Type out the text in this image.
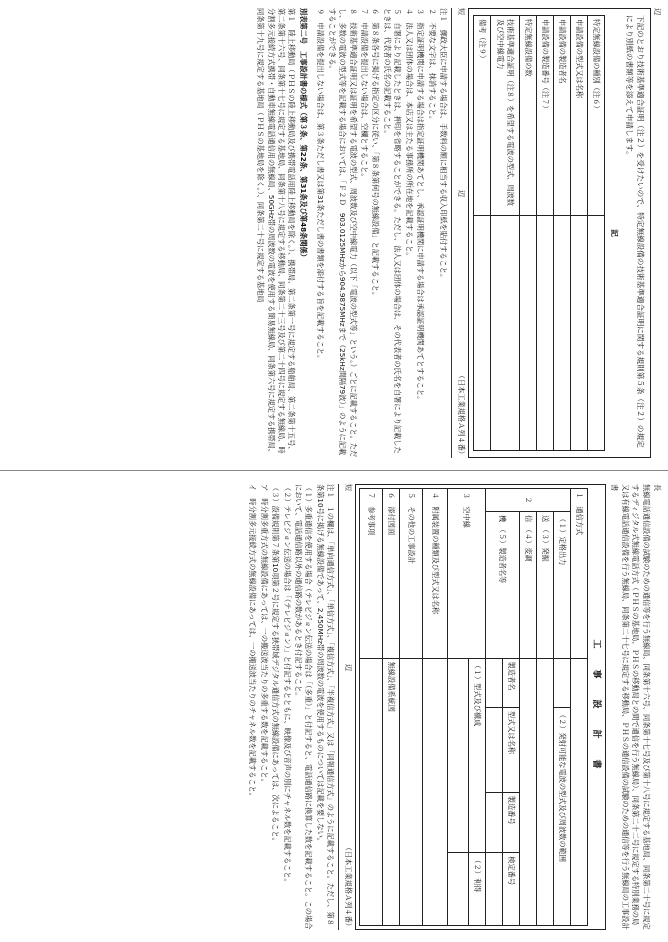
辺
下記のとおり技術基準適合証明（注２）を受けたいので、特定無線設備の技術基準適合証明に関する規則第５条（注２）の規定により別紙の書類等を添えて申請します。
記
特定無線設備の種別（注６）	
申請設備の型式又は名称	
申請設備の製造者名	
申請設備の製造番号（注７）	
特定無線設備の数	
技術基準適合証明（注８）を希望する電波の型式、周波数及び空中線電力	
備考（注９）	
短
辺
（日本工業規格Ａ列４番）
注１　郵政大臣に申請する場合は、手数料の額に相当する収入印紙を貼付すること。
２　不要な文字は、抹消すること。
３　指定証明機関に申請する場合は指定証明機関あてとし、承認証明機関に申請する場合は承認証明機関あてとすること。
４　法人又は団体の場合は、本店又は主たる事務所の所在地を記載すること。
５　自署により記載したときは、押印を省略することができる。ただし、法人又は団体の場合は、その代表者の氏名を自署により記載したときは、代表者の氏名の記載すること。
６　第８条各号に掲げる指定の区分に従い、「第８条第何号の無線設備」と記載すること。
７　申請設備を提出しない場合は、空欄とすること。
８　技術基準適合証明又は証明を希望する電波の型式、周波数及び空中線電力（以下「電波の型式等」という。）ごとに記載すること。ただし、多数の電波の型式等を記載する場合においては、「Ｆ２Ｄ　903.0125MHzから904.9875MHzまで（25kHz間隔79波）」のように記載することができる。
９　申請設備を提出しない場合は、第３条ただし書又は第31条ただし書の書類を添付する旨を記載すること。
別表第二号　工事設計書の様式（第３条、第22条、第31条及び第48条関係）
第１　陸上移動局（ＰＨＳの陸上移動局及び携帯電話用陸上移動局を除く。）、携帯局、第二条第一号に規定する船舶局、第二条第十五号、第二条第十六号、同条第十七号に規定する基地局、同条第十八号に規定する移動局、同条第二十三号及び第二十四号に規定する無線局、時分割多元接続方式携帯・自動車無線電話通信用の無線局、50GHz帯の周波数の電波を使用する簡易無線局、同条第六号に規定する携帯局、同条第十九号に規定する基地局（ＰＨＳの基地局を除く。）、同条第二十号に規定する基地局
長
無線電話通信設備の試験のための通信等を行う無線局、同条第十六号、同条第十七号及び第十八号に規定する基地局、同条第二十号に規定するディジタル式無線電話方式（ＰＨＳの基地局、ＰＨＳの移動局との間で通信を行う無線局）、同条第二十二号に規定する特別業務の局又は有線電話通信設備を行う無線局、同条第二十七号に規定する移動局、ＰＨＳの通信設備の試験のための通信等を行う無線局の工事設計書
工　事　設　計　書
１　通信方式					
２	（１）定格出力		（２）発射可能な電波の型式及び周波数の範囲		
	送　（３）発振				
	信　（４）変調				
	機　（５）製造者名等	製造者名	型式又は名称	製造番号	検定番号

３　空中線		（１）型式及び構成			（２）利得

４　附属装置の種類及び型式又は名称					
５　その他の工事設計					
６　添付図面		無線設備系統図			
７　参考事項					
短
辺
（日本工業規格Ａ列４番）
注１　１の欄は、「単向通信方式」、「単信方式」、「複信方式」、「半複信方式」又は「同報通信方式」のように記載すること。ただし、第８条第10号に掲げる無線設備であって、2,450MHz帯の周波数の電波を使用するものについては記載を要しない。
（１）多重通信を使用する場合（テレビジョン伝送の場合は「（多重）」と付記すると、電話通信路に換算した数を記載すること。この場合において、電話通信路以外の通信路の数があるとき付記すること。
（２）テレビジョン伝送の場合は「（テレビジョン）」と付記するとともに、映像及び音声の別にチャネル数を記載すること。
（３）設備規則第７条第10項第２号に規定する狭帯域デジタル通信方式の無線設備にあっては、次によること。
ア　時分割多重方式の無線設備にあっては、一の搬送波当たりの多重する数を記載すること。
イ　時分割多元接続方式の無線設備にあっては、一の搬送波当たりのチャネル数を記載すること。
